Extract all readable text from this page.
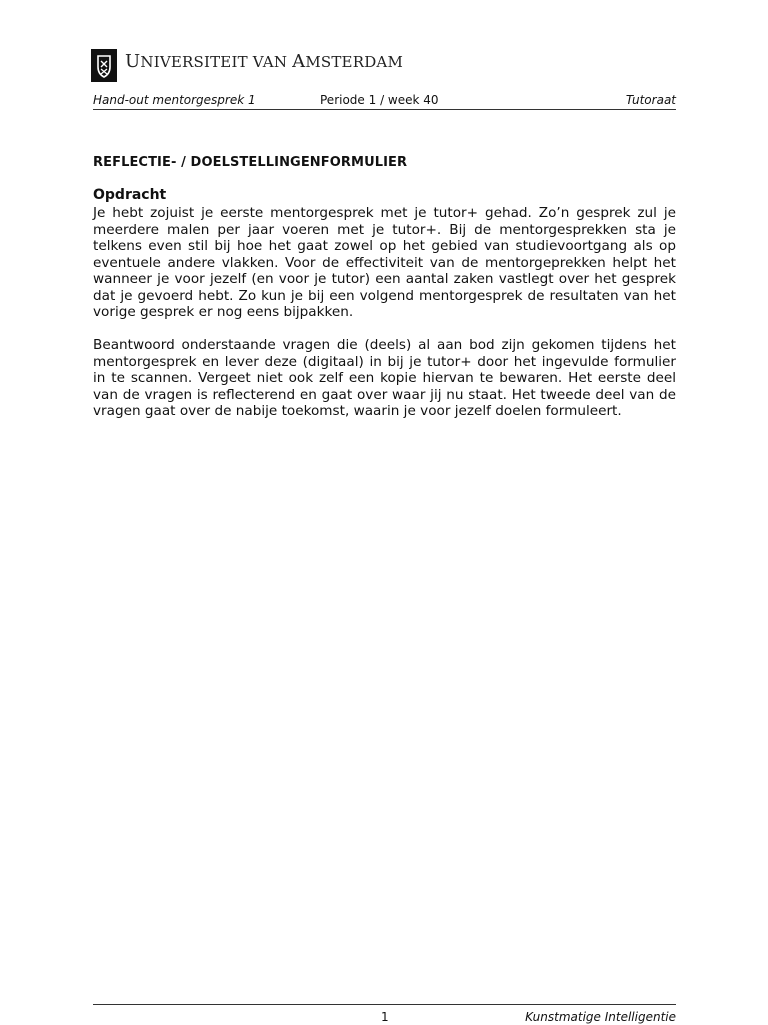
UNIVERSITEIT VAN AMSTERDAM
Hand-out mentorgesprek 1	Periode 1 / week 40	Tutoraat
REFLECTIE- / DOELSTELLINGENFORMULIER
Opdracht

Je hebt zojuist je eerste mentorgesprek met je tutor+ gehad. Zo’n gesprek zul je meerdere malen per jaar voeren met je tutor+. Bij de mentorgesprekken sta je telkens even stil bij hoe het gaat zowel op het gebied van studievoortgang als op eventuele andere vlakken. Voor de effectiviteit van de mentorgeprekken helpt het wanneer je voor jezelf (en voor je tutor) een aantal zaken vastlegt over het gesprek dat je gevoerd hebt. Zo kun je bij een volgend mentorgesprek de resultaten van het vorige gesprek er nog eens bijpakken.

Beantwoord onderstaande vragen die (deels) al aan bod zijn gekomen tijdens het mentorgesprek en lever deze (digitaal) in bij je tutor+ door het ingevulde formulier in te scannen. Vergeet niet ook zelf een kopie hiervan te bewaren. Het eerste deel van de vragen is reflecterend en gaat over waar jij nu staat. Het tweede deel van de vragen gaat over de nabije toekomst, waarin je voor jezelf doelen formuleert.

1	Kunstmatige Intelligentie
